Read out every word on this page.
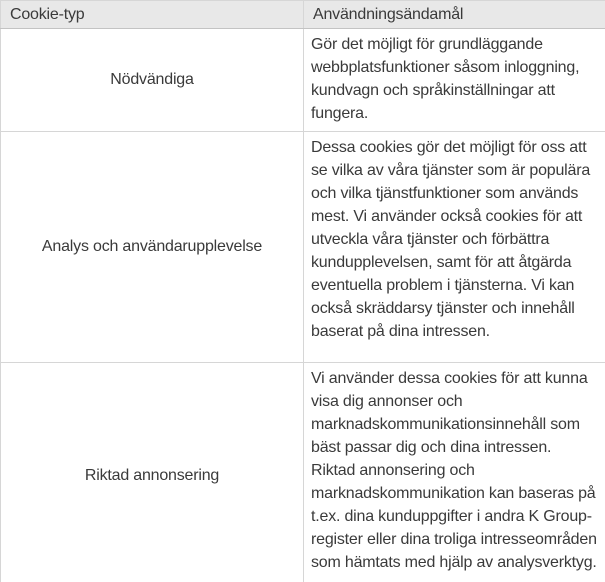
Cookie-typ	Användningsändamål
Nödvändiga	Gör det möjligt för grundläggande webbplatsfunktioner såsom inloggning, kundvagn och språkinställningar att fungera.
Analys och användarupplevelse	Dessa cookies gör det möjligt för oss att se vilka av våra tjänster som är populära och vilka tjänstfunktioner som används mest. Vi använder också cookies för att utveckla våra tjänster och förbättra kundupplevelsen, samt för att åtgärda eventuella problem i tjänsterna. Vi kan också skräddarsy tjänster och innehåll baserat på dina intressen.
Riktad annonsering	Vi använder dessa cookies för att kunna visa dig annonser och marknadskommunikationsinnehåll som bäst passar dig och dina intressen. Riktad annonsering och marknadskommunikation kan baseras på t.ex. dina kunduppgifter i andra K Group-register eller dina troliga intresseområden som hämtats med hjälp av analysverktyg.
